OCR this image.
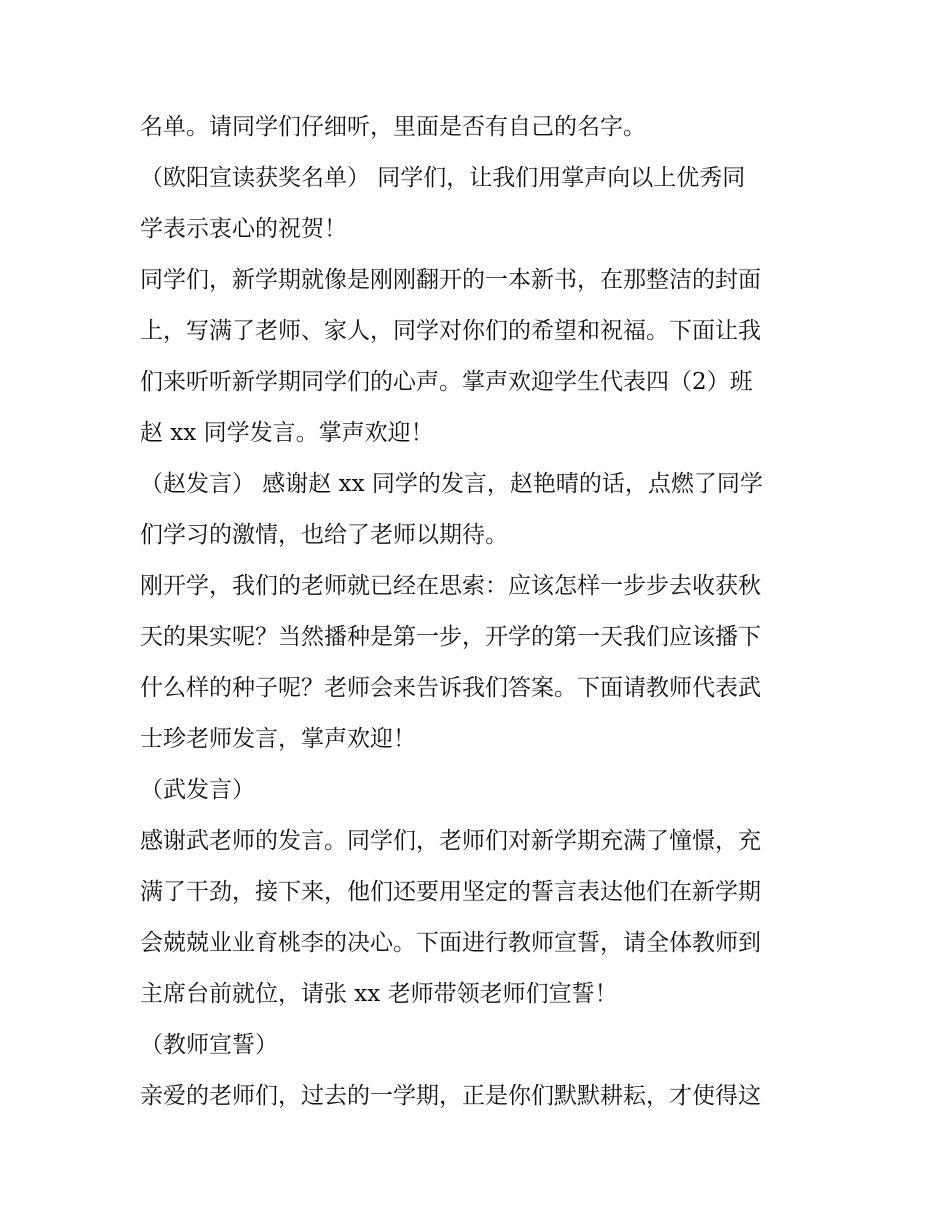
名单。请同学们仔细听，里面是否有自己的名字。
（欧阳宣读获奖名单） 同学们，让我们用掌声向以上优秀同
学表示衷心的祝贺！
同学们，新学期就像是刚刚翻开的一本新书，在那整洁的封面
上，写满了老师、家人，同学对你们的希望和祝福。下面让我
们来听听新学期同学们的心声。掌声欢迎学生代表四（2）班
赵 xx 同学发言。掌声欢迎！
（赵发言） 感谢赵 xx 同学的发言，赵艳晴的话，点燃了同学
们学习的激情，也给了老师以期待。
刚开学，我们的老师就已经在思索：应该怎样一步步去收获秋
天的果实呢？当然播种是第一步，开学的第一天我们应该播下
什么样的种子呢？老师会来告诉我们答案。下面请教师代表武
士珍老师发言，掌声欢迎！
（武发言）
感谢武老师的发言。同学们，老师们对新学期充满了憧憬，充
满了干劲，接下来，他们还要用坚定的誓言表达他们在新学期
会兢兢业业育桃李的决心。下面进行教师宣誓，请全体教师到
主席台前就位，请张 xx 老师带领老师们宣誓！
（教师宣誓）
亲爱的老师们，过去的一学期，正是你们默默耕耘，才使得这
